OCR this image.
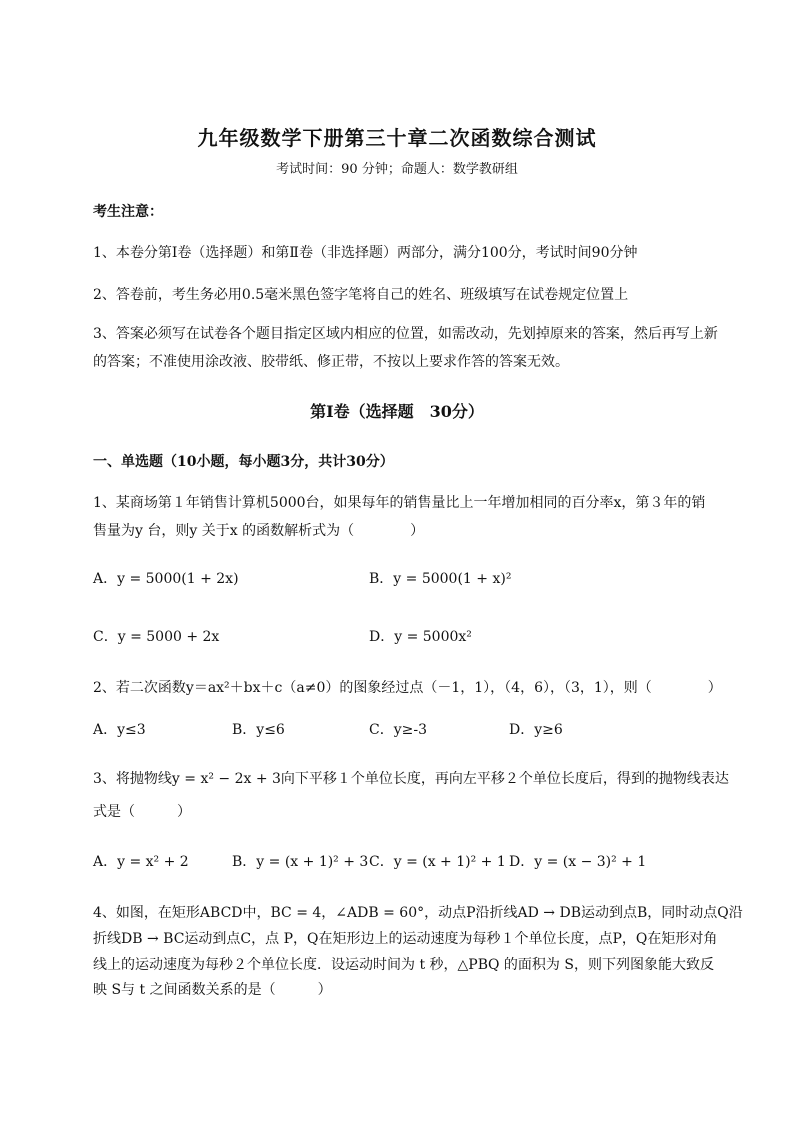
九年级数学下册第三十章二次函数综合测试
考试时间：90 分钟；命题人：数学教研组
考生注意：
1、本卷分第Ⅰ卷（选择题）和第Ⅱ卷（非选择题）两部分，满分100分，考试时间90分钟
2、答卷前，考生务必用0.5毫米黑色签字笔将自己的姓名、班级填写在试卷规定位置上
3、答案必须写在试卷各个题目指定区域内相应的位置，如需改动，先划掉原来的答案，然后再写上新的答案；不准使用涂改液、胶带纸、修正带，不按以上要求作答的答案无效。
第Ⅰ卷（选择题　30分）
一、单选题（10小题，每小题3分，共计30分）
1、某商场第１年销售计算机5000台，如果每年的销售量比上一年增加相同的百分率x，第３年的销
售量为y 台，则y 关于x 的函数解析式为（　　　　）
A．y = 5000(1 + 2x)	B．y = 5000(1 + x)²
C．y = 5000 + 2x	D．y = 5000x²
2、若二次函数y＝ax²＋bx＋c（a≠0）的图象经过点（－1，1），（4，6），（3，1），则（　　　　）
A．y≤3	B．y≤6	C．y≥-3	D．y≥6
3、将抛物线y = x² − 2x + 3向下平移１个单位长度，再向左平移２个单位长度后，得到的抛物线表达
式是（　　　）
A．y = x² + 2	B．y = (x + 1)² + 3 C．y = (x + 1)² + 1 D．y = (x − 3)² + 1
4、如图，在矩形ABCD中，BC = 4，∠ADB = 60°，动点P沿折线AD → DB运动到点B，同时动点Q沿
折线DB → BC运动到点C，点 P，Q在矩形边上的运动速度为每秒１个单位长度，点P，Q在矩形对角
线上的运动速度为每秒２个单位长度．设运动时间为 t 秒，△PBQ 的面积为 S，则下列图象能大致反
映 S与 t 之间函数关系的是（　　　）
